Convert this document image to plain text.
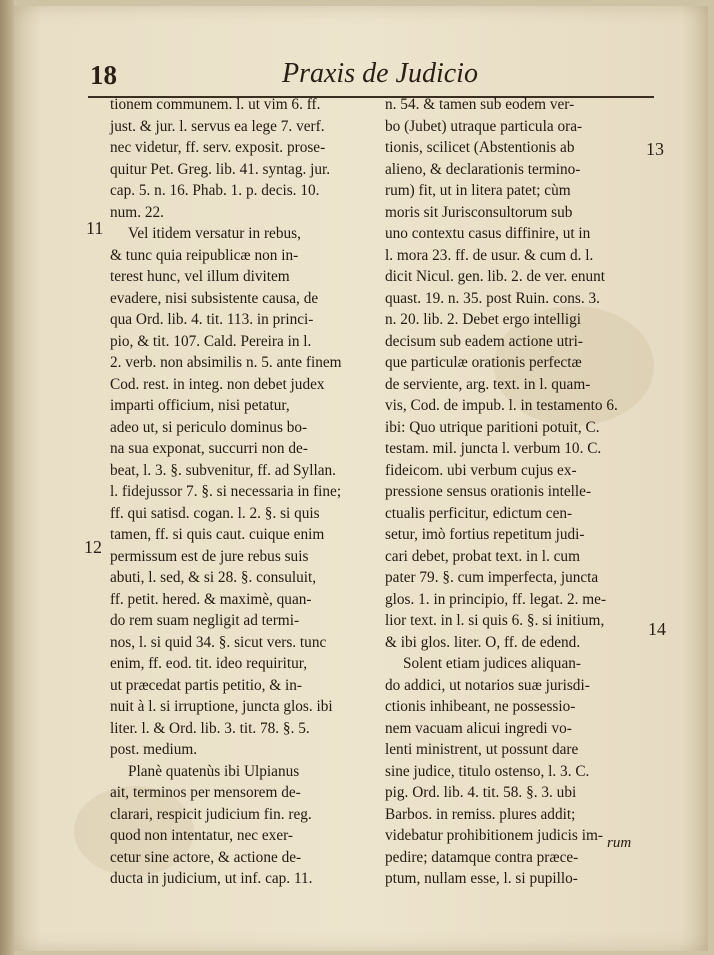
18	Praxis de Judicio
tionem communem. l. ut vim 6. ff.
just. & jur. l. servus ea lege 7. verf.
nec videtur, ff. serv. exposit. prose-
quitur Pet. Greg. lib. 41. syntag. jur.
cap. 5. n. 16. Phab. 1. p. decis. 10.
num. 22.
Vel itidem versatur in rebus,
& tunc quia reipublicæ non in-
terest hunc, vel illum divitem
evadere, nisi subsistente causa, de
qua Ord. lib. 4. tit. 113. in princi-
pio, & tit. 107. Cald. Pereira in l.
2. verb. non absimilis n. 5. ante finem
Cod. rest. in integ. non debet judex
imparti officium, nisi petatur,
adeo ut, si periculo dominus bo-
na sua exponat, succurri non de-
beat, l. 3. §. subvenitur, ff. ad Syllan.
l. fidejussor 7. §. si necessaria in fine;
ff. qui satisd. cogan. l. 2. §. si quis
tamen, ff. si quis caut. cuique enim
permissum est de jure rebus suis
abuti, l. sed, & si 28. §. consuluit,
ff. petit. hered. & maximè, quan-
do rem suam negligit ad termi-
nos, l. si quid 34. §. sicut vers. tunc
enim, ff. eod. tit. ideo requiritur,
ut præcedat partis petitio, & in-
nuit à l. si irruptione, juncta glos. ibi
liter. l. & Ord. lib. 3. tit. 78. §. 5.
post. medium.
Planè quatenùs ibi Ulpianus
ait, terminos per mensorem de-
clarari, respicit judicium fin. reg.
quod non intentatur, nec exer-
cetur sine actore, & actione de-
ducta in judicium, ut inf. cap. 11.
n. 54. & tamen sub eodem ver-
bo (Jubet) utraque particula ora-
tionis, scilicet (Abstentionis ab
alieno, & declarationis termino-
rum) fit, ut in litera patet; cùm
moris sit Jurisconsultorum sub
uno contextu casus diffinire, ut in
l. mora 23. ff. de usur. & cum d. l.
dicit Nicul. gen. lib. 2. de ver. enunt
quast. 19. n. 35. post Ruin. cons. 3.
n. 20. lib. 2. Debet ergo intelligi
decisum sub eadem actione utri-
que particulæ orationis perfectæ
de serviente, arg. text. in l. quam-
vis, Cod. de impub. l. in testamento 6.
ibi: Quo utrique paritioni potuit, C.
testam. mil. juncta l. verbum 10. C.
fideicom. ubi verbum cujus ex-
pressione sensus orationis intelle-
ctualis perficitur, edictum cen-
setur, imò fortius repetitum judi-
cari debet, probat text. in l. cum
pater 79. §. cum imperfecta, juncta
glos. 1. in principio, ff. legat. 2. me-
lior text. in l. si quis 6. §. si initium,
& ibi glos. liter. O, ff. de edend.
Solent etiam judices aliquan-
do addici, ut notarios suæ jurisdi-
ctionis inhibeant, ne possessio-
nem vacuam alicui ingredi vo-
lenti ministrent, ut possunt dare
sine judice, titulo ostenso, l. 3. C.
pig. Ord. lib. 4. tit. 58. §. 3. ubi
Barbos. in remiss. plures addit;
videbatur prohibitionem judicis im-
pedire; datamque contra præce-
ptum, nullam esse, l. si pupillo-
11
12
13
14
rum
